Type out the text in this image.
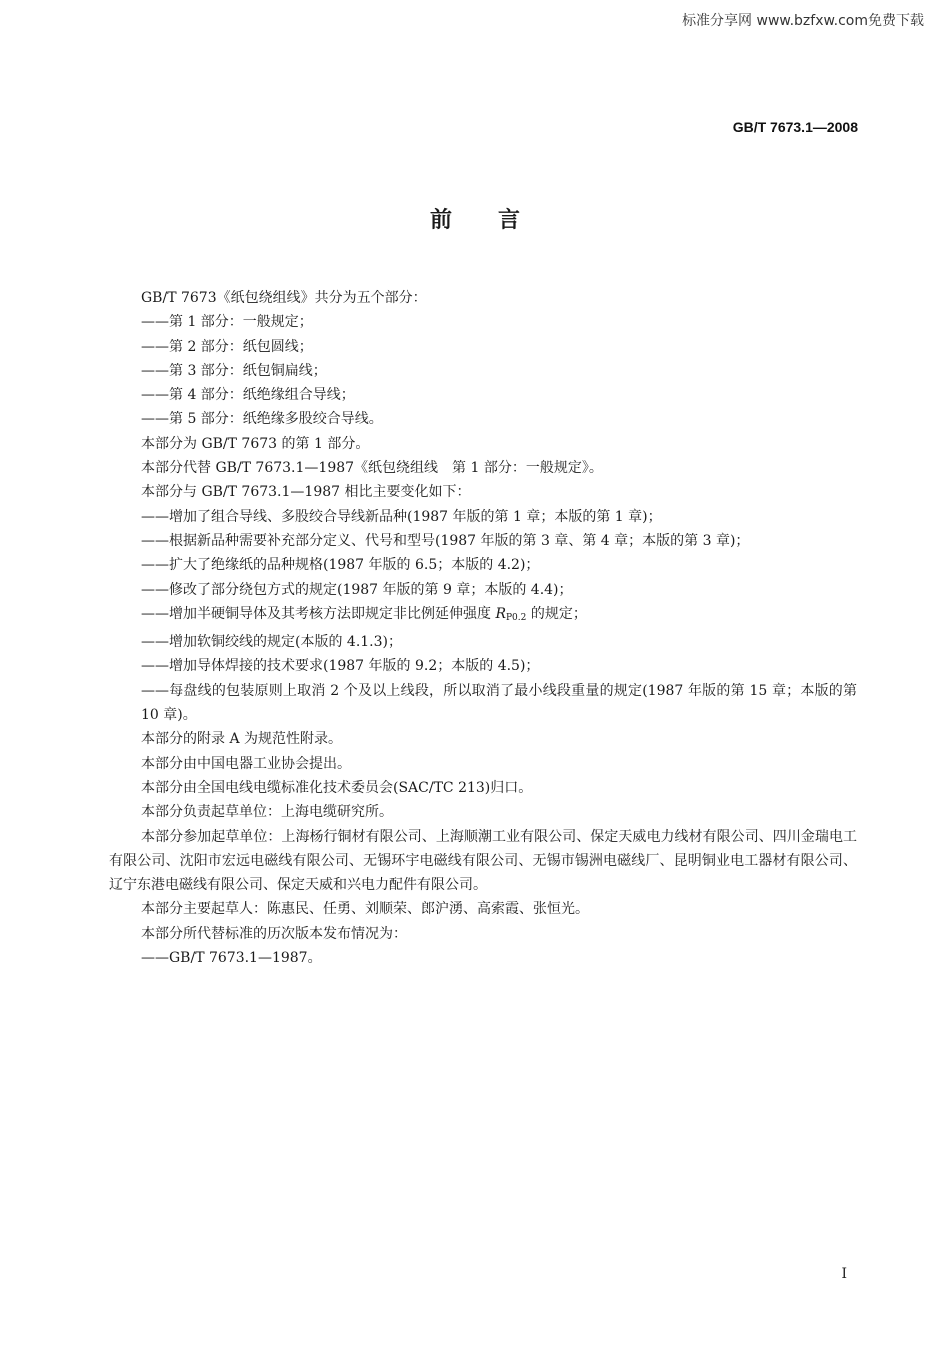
标准分享网 www.bzfxw.com免费下载
GB/T 7673.1—2008
前言
GB/T 7673《纸包绕组线》共分为五个部分：
——第 1 部分：一般规定；
——第 2 部分：纸包圆线；
——第 3 部分：纸包铜扁线；
——第 4 部分：纸绝缘组合导线；
——第 5 部分：纸绝缘多股绞合导线。
本部分为 GB/T 7673 的第 1 部分。
本部分代替 GB/T 7673.1—1987《纸包绕组线　第 1 部分：一般规定》。
本部分与 GB/T 7673.1—1987 相比主要变化如下：
——增加了组合导线、多股绞合导线新品种(1987 年版的第 1 章；本版的第 1 章)；
——根据新品种需要补充部分定义、代号和型号(1987 年版的第 3 章、第 4 章；本版的第 3 章)；
——扩大了绝缘纸的品种规格(1987 年版的 6.5；本版的 4.2)；
——修改了部分绕包方式的规定(1987 年版的第 9 章；本版的 4.4)；
——增加半硬铜导体及其考核方法即规定非比例延伸强度 $R_{P0.2}$ 的规定；
——增加软铜绞线的规定(本版的 4.1.3)；
——增加导体焊接的技术要求(1987 年版的 9.2；本版的 4.5)；
——每盘线的包装原则上取消 2 个及以上线段，所以取消了最小线段重量的规定(1987 年版的第 15 章；本版的第 10 章)。
本部分的附录 A 为规范性附录。
本部分由中国电器工业协会提出。
本部分由全国电线电缆标准化技术委员会(SAC/TC 213)归口。
本部分负责起草单位：上海电缆研究所。
本部分参加起草单位：上海杨行铜材有限公司、上海顺潮工业有限公司、保定天威电力线材有限公司、四川金瑞电工有限公司、沈阳市宏远电磁线有限公司、无锡环宇电磁线有限公司、无锡市锡洲电磁线厂、昆明铜业电工器材有限公司、辽宁东港电磁线有限公司、保定天威和兴电力配件有限公司。
本部分主要起草人：陈惠民、任勇、刘顺荣、郎沪湧、高索霞、张恒光。
本部分所代替标准的历次版本发布情况为：
——GB/T 7673.1—1987。
I
